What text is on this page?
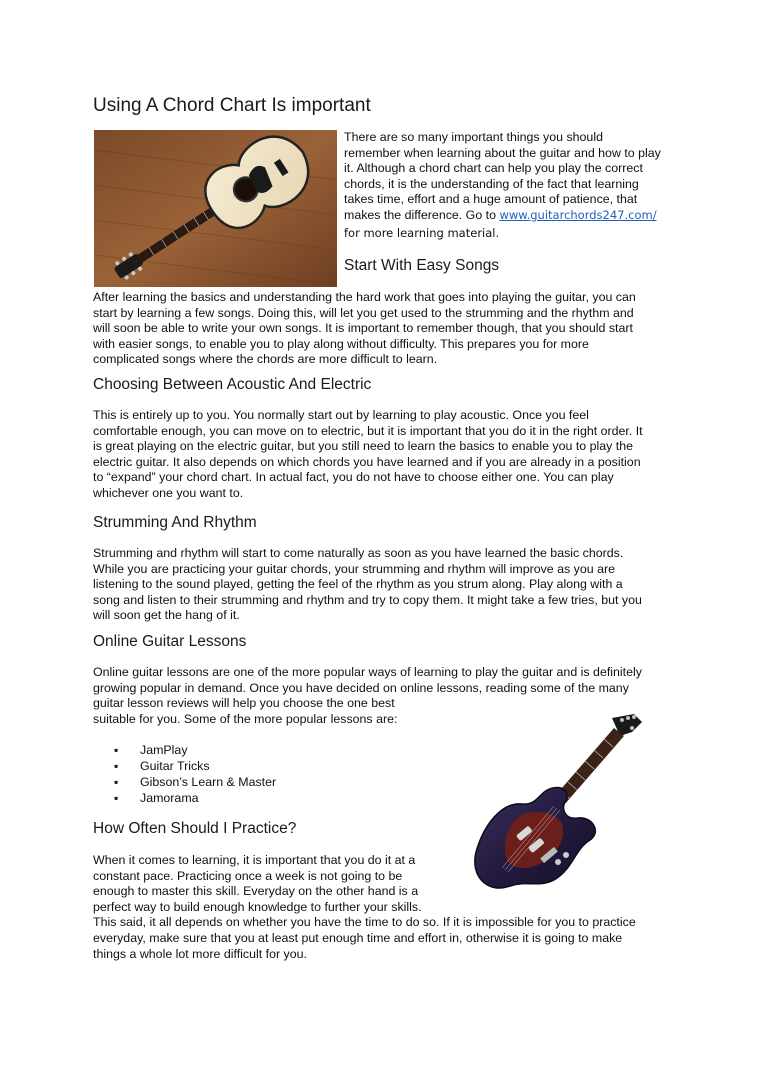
Using A Chord Chart Is important
There are so many important things you should
remember when learning about the guitar and how to play
it. Although a chord chart can help you play the correct
chords, it is the understanding of the fact that learning
takes time, effort and a huge amount of patience, that
makes the difference. Go to www.guitarchords247.com/
for more learning material.
Start With Easy Songs
After learning the basics and understanding the hard work that goes into playing the guitar, you can
start by learning a few songs. Doing this, will let you get used to the strumming and the rhythm and
will soon be able to write your own songs. It is important to remember though, that you should start
with easier songs, to enable you to play along without difficulty. This prepares you for more
complicated songs where the chords are more difficult to learn.
Choosing Between Acoustic And Electric
This is entirely up to you. You normally start out by learning to play acoustic. Once you feel
comfortable enough, you can move on to electric, but it is important that you do it in the right order. It
is great playing on the electric guitar, but you still need to learn the basics to enable you to play the
electric guitar. It also depends on which chords you have learned and if you are already in a position
to “expand” your chord chart. In actual fact, you do not have to choose either one. You can play
whichever one you want to.
Strumming And Rhythm
Strumming and rhythm will start to come naturally as soon as you have learned the basic chords.
While you are practicing your guitar chords, your strumming and rhythm will improve as you are
listening to the sound played, getting the feel of the rhythm as you strum along. Play along with a
song and listen to their strumming and rhythm and try to copy them. It might take a few tries, but you
will soon get the hang of it.
Online Guitar Lessons
Online guitar lessons are one of the more popular ways of learning to play the guitar and is definitely
growing popular in demand. Once you have decided on online lessons, reading some of the many
guitar lesson reviews will help you choose the one best
suitable for you. Some of the more popular lessons are:
▪ JamPlay
▪ Guitar Tricks
▪ Gibson’s Learn & Master
▪ Jamorama
How Often Should I Practice?
When it comes to learning, it is important that you do it at a
constant pace. Practicing once a week is not going to be
enough to master this skill. Everyday on the other hand is a
perfect way to build enough knowledge to further your skills.
This said, it all depends on whether you have the time to do so. If it is impossible for you to practice
everyday, make sure that you at least put enough time and effort in, otherwise it is going to make
things a whole lot more difficult for you.
